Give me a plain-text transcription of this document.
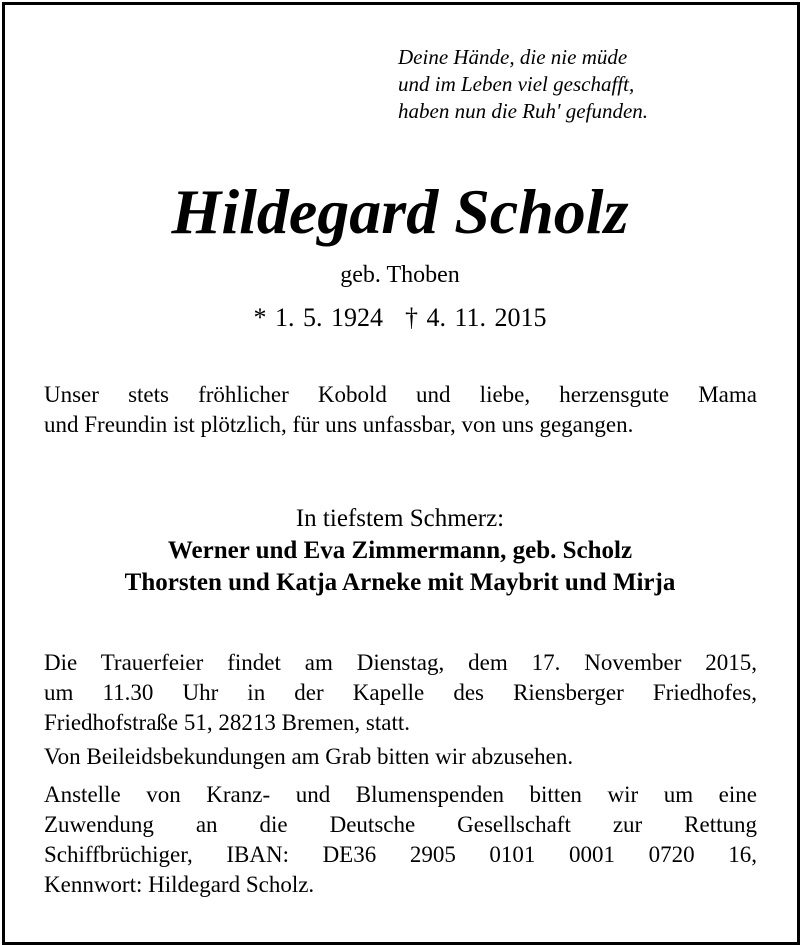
Deine Hände, die nie müde
und im Leben viel geschafft,
haben nun die Ruh' gefunden.
Hildegard Scholz
geb. Thoben
* 1. 5. 1924 † 4. 11. 2015
Unser stets fröhlicher Kobold und liebe, herzensgute Mama
und Freundin ist plötzlich, für uns unfassbar, von uns gegangen.
In tiefstem Schmerz:
Werner und Eva Zimmermann, geb. Scholz
Thorsten und Katja Arneke mit Maybrit und Mirja
Die Trauerfeier findet am Dienstag, dem 17. November 2015,
um 11.30 Uhr in der Kapelle des Riensberger Friedhofes,
Friedhofstraße 51, 28213 Bremen, statt.
Von Beileidsbekundungen am Grab bitten wir abzusehen.
Anstelle von Kranz- und Blumenspenden bitten wir um eine
Zuwendung an die Deutsche Gesellschaft zur Rettung
Schiffbrüchiger, IBAN: DE36 2905 0101 0001 0720 16,
Kennwort: Hildegard Scholz.
